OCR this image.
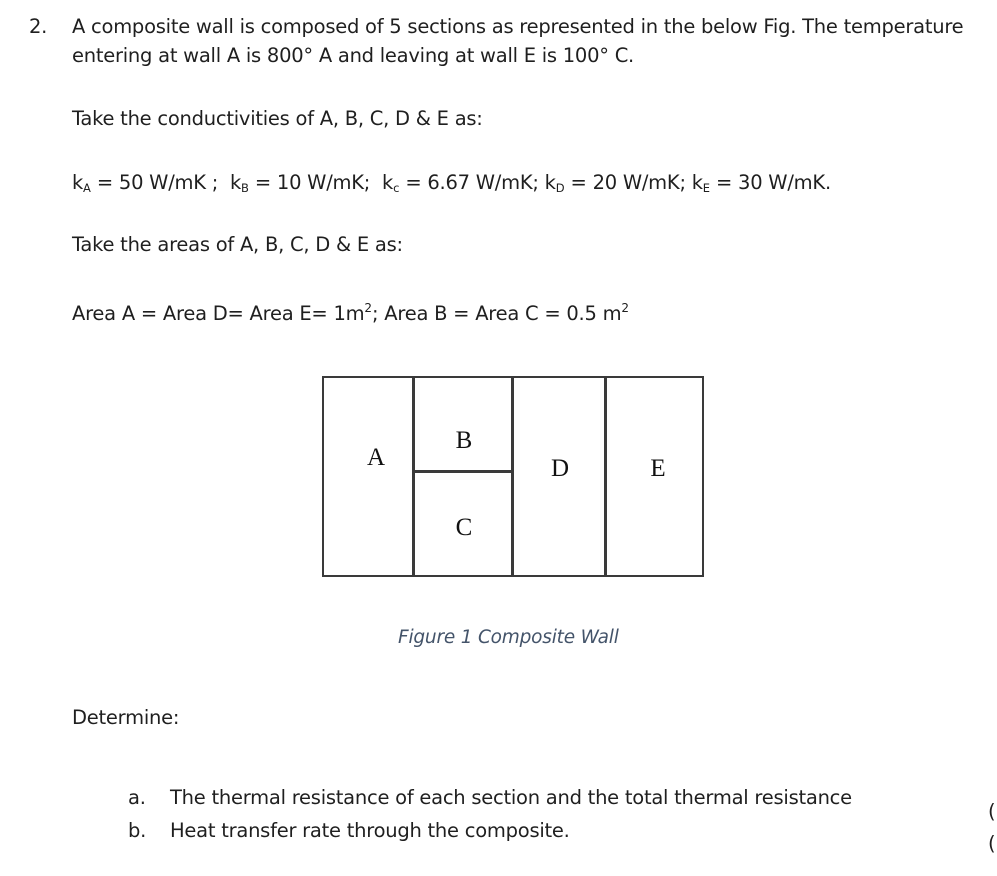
2. A composite wall is composed of 5 sections as represented in the below Fig. The temperature
entering at wall A is 800° A and leaving at wall E is 100° C.
Take the conductivities of A, B, C, D & E as:
$k_A = 50$ W/mK ; $k_B = 10$ W/mK; $k_c = 6.67$ W/mK; $k_D = 20$ W/mK; $k_E = 30$ W/mK.
Take the areas of A, B, C, D & E as:
Area A = Area D= Area $E= 1m^2$; Area B = Area C = 0.5 $m^2$
A
B
C
D	E
Figure 1 Composite Wall
Determine:
a. The thermal resistance of each section and the total thermal resistance
b. Heat transfer rate through the composite.
(
(
